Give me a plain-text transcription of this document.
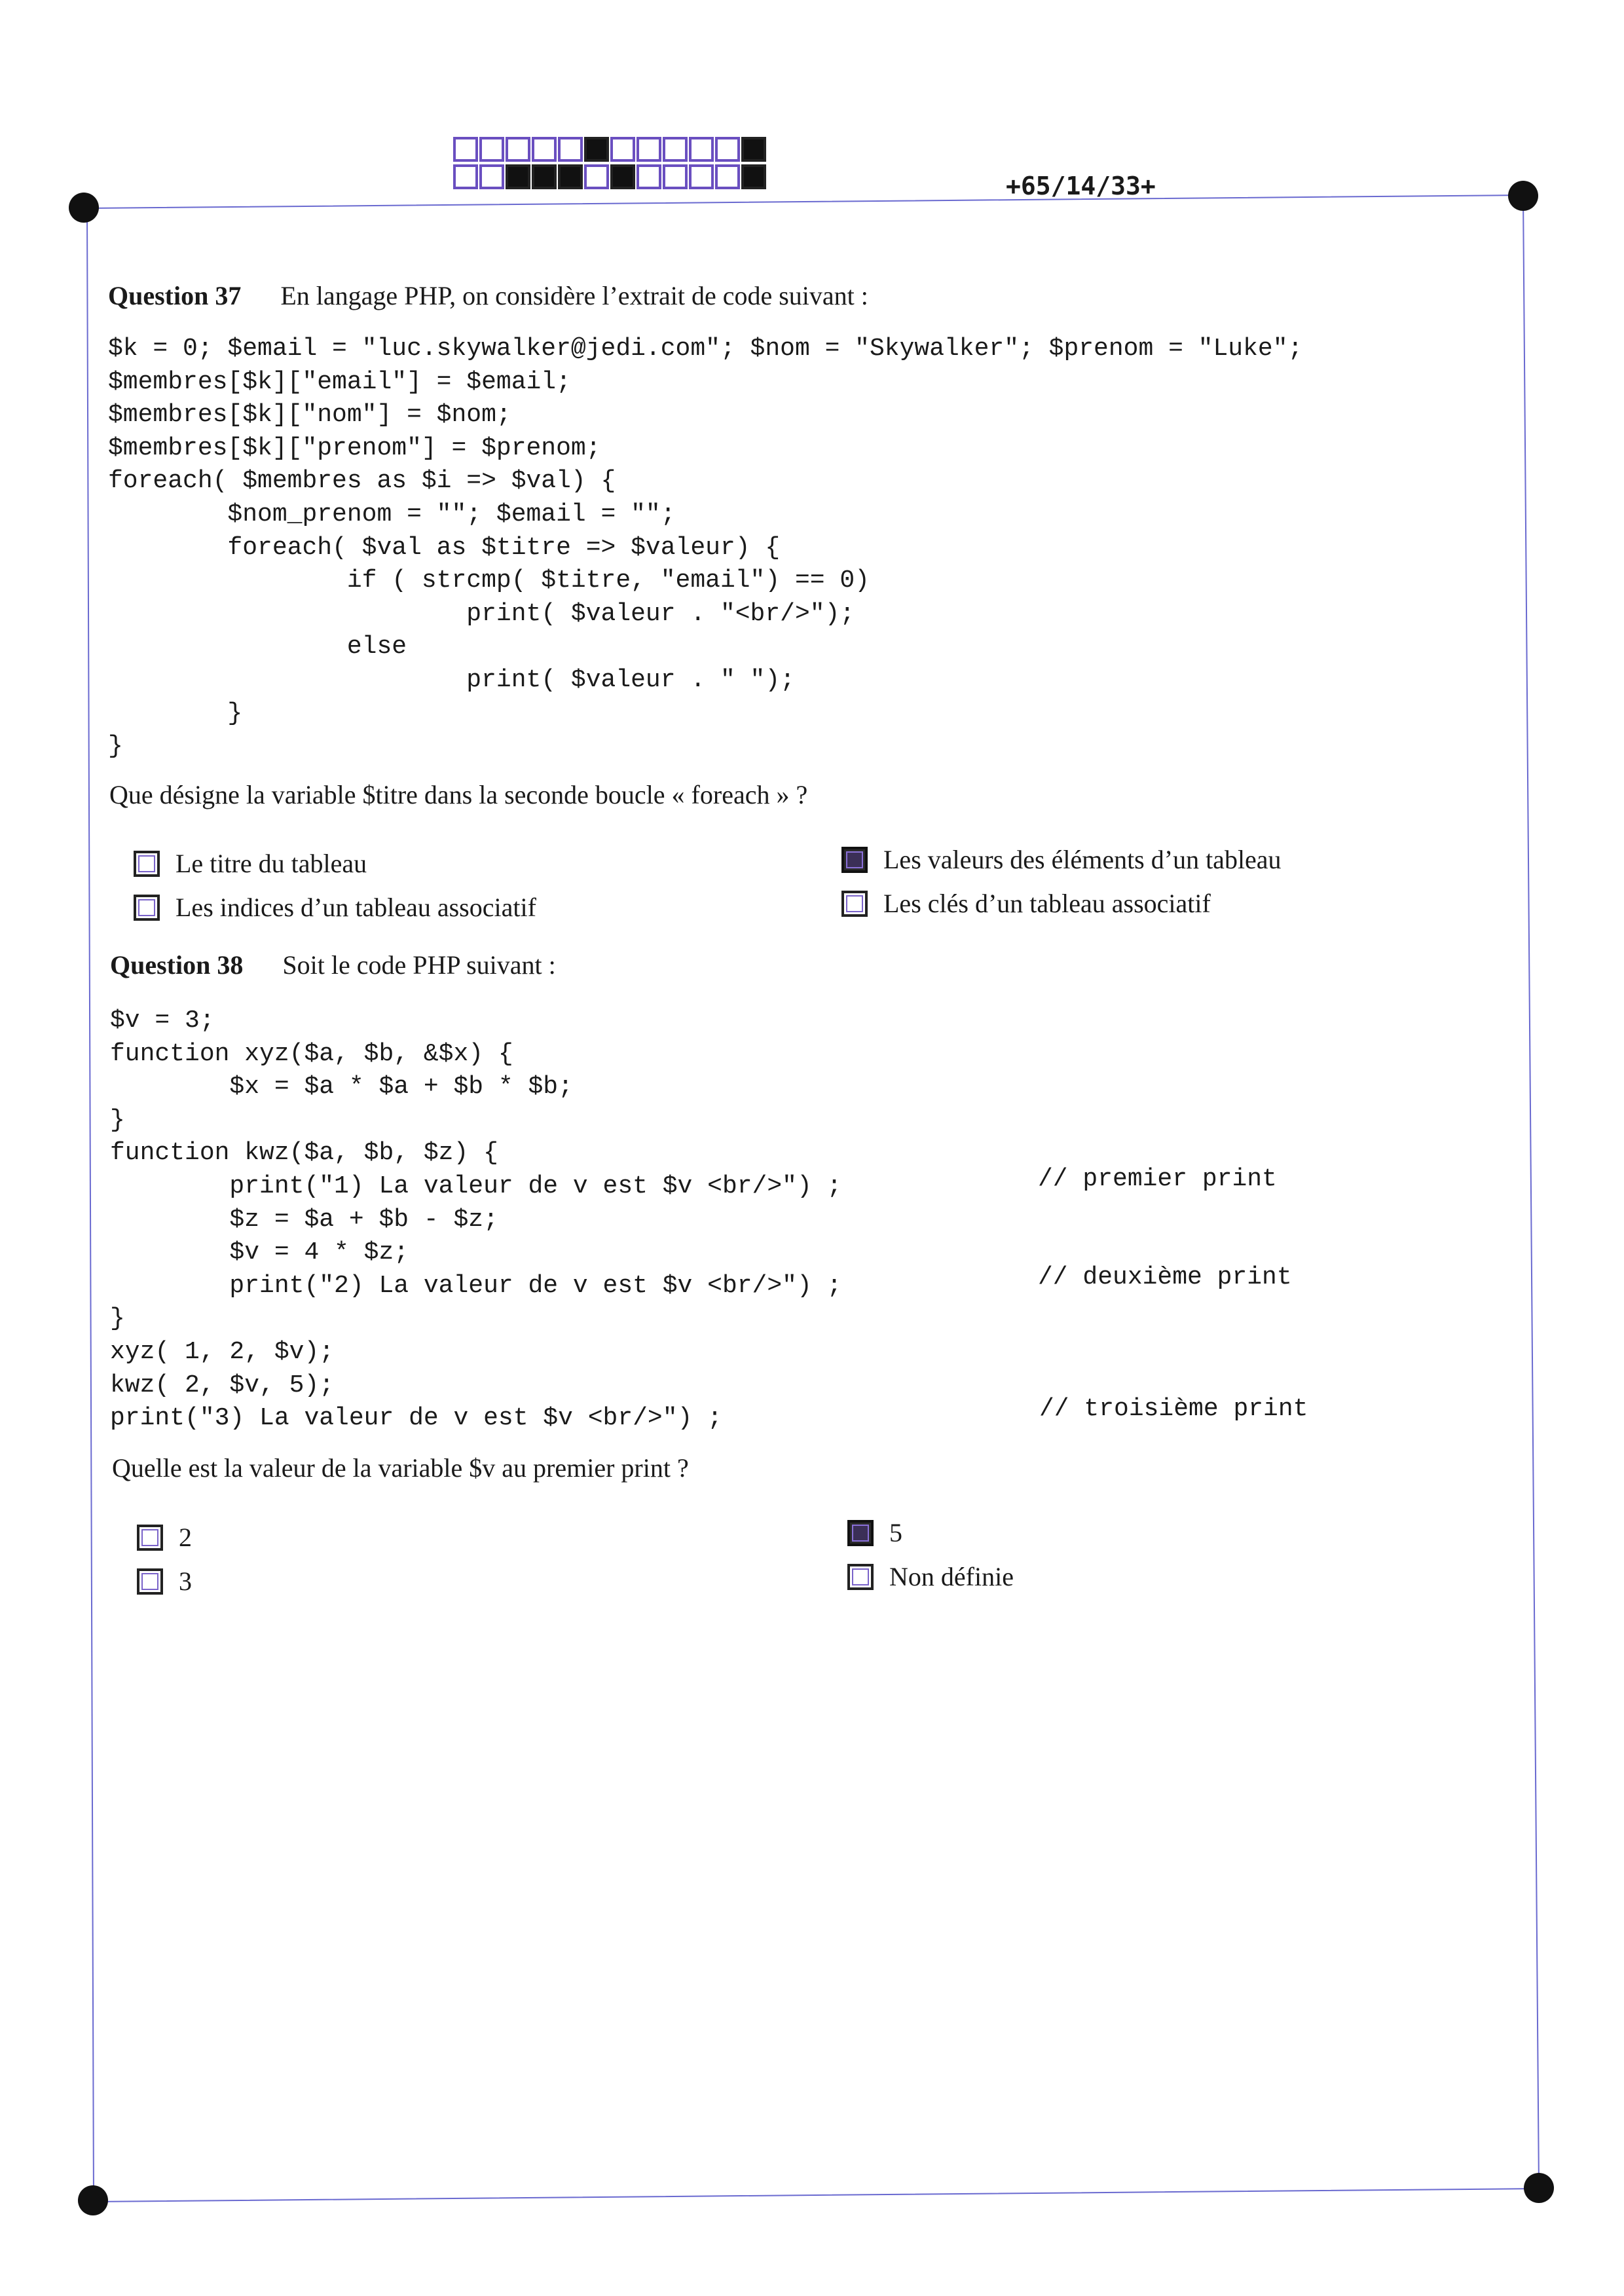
+65/14/33+
Question 37 En langage PHP, on considère l’extrait de code suivant :
$k = 0; $email = "luc.skywalker@jedi.com"; $nom = "Skywalker"; $prenom = "Luke";
$membres[$k]["email"] = $email;
$membres[$k]["nom"] = $nom;
$membres[$k]["prenom"] = $prenom;
foreach( $membres as $i => $val) {
$nom_prenom = ""; $email = "";
foreach( $val as $titre => $valeur) {
if ( strcmp( $titre, "email") == 0)
print( $valeur . "<br/>");
else
print( $valeur . " ");
}
}
Que désigne la variable $titre dans la seconde boucle « foreach » ?
Le titre du tableau
Les indices d’un tableau associatif
Les valeurs des éléments d’un tableau
Les clés d’un tableau associatif
Question 38 Soit le code PHP suivant :
$v = 3;
function xyz($a, $b, &$x) {
$x = $a * $a + $b * $b;
}
function kwz($a, $b, $z) {
print("1) La valeur de v est $v <br/>") ;
$z = $a + $b - $z;
$v = 4 * $z;
print("2) La valeur de v est $v <br/>") ;
}
xyz( 1, 2, $v);
kwz( 2, $v, 5);
print("3) La valeur de v est $v <br/>") ;
// premier print
// deuxième print
// troisième print
Quelle est la valeur de la variable $v au premier print ?
2
3
5
Non définie
